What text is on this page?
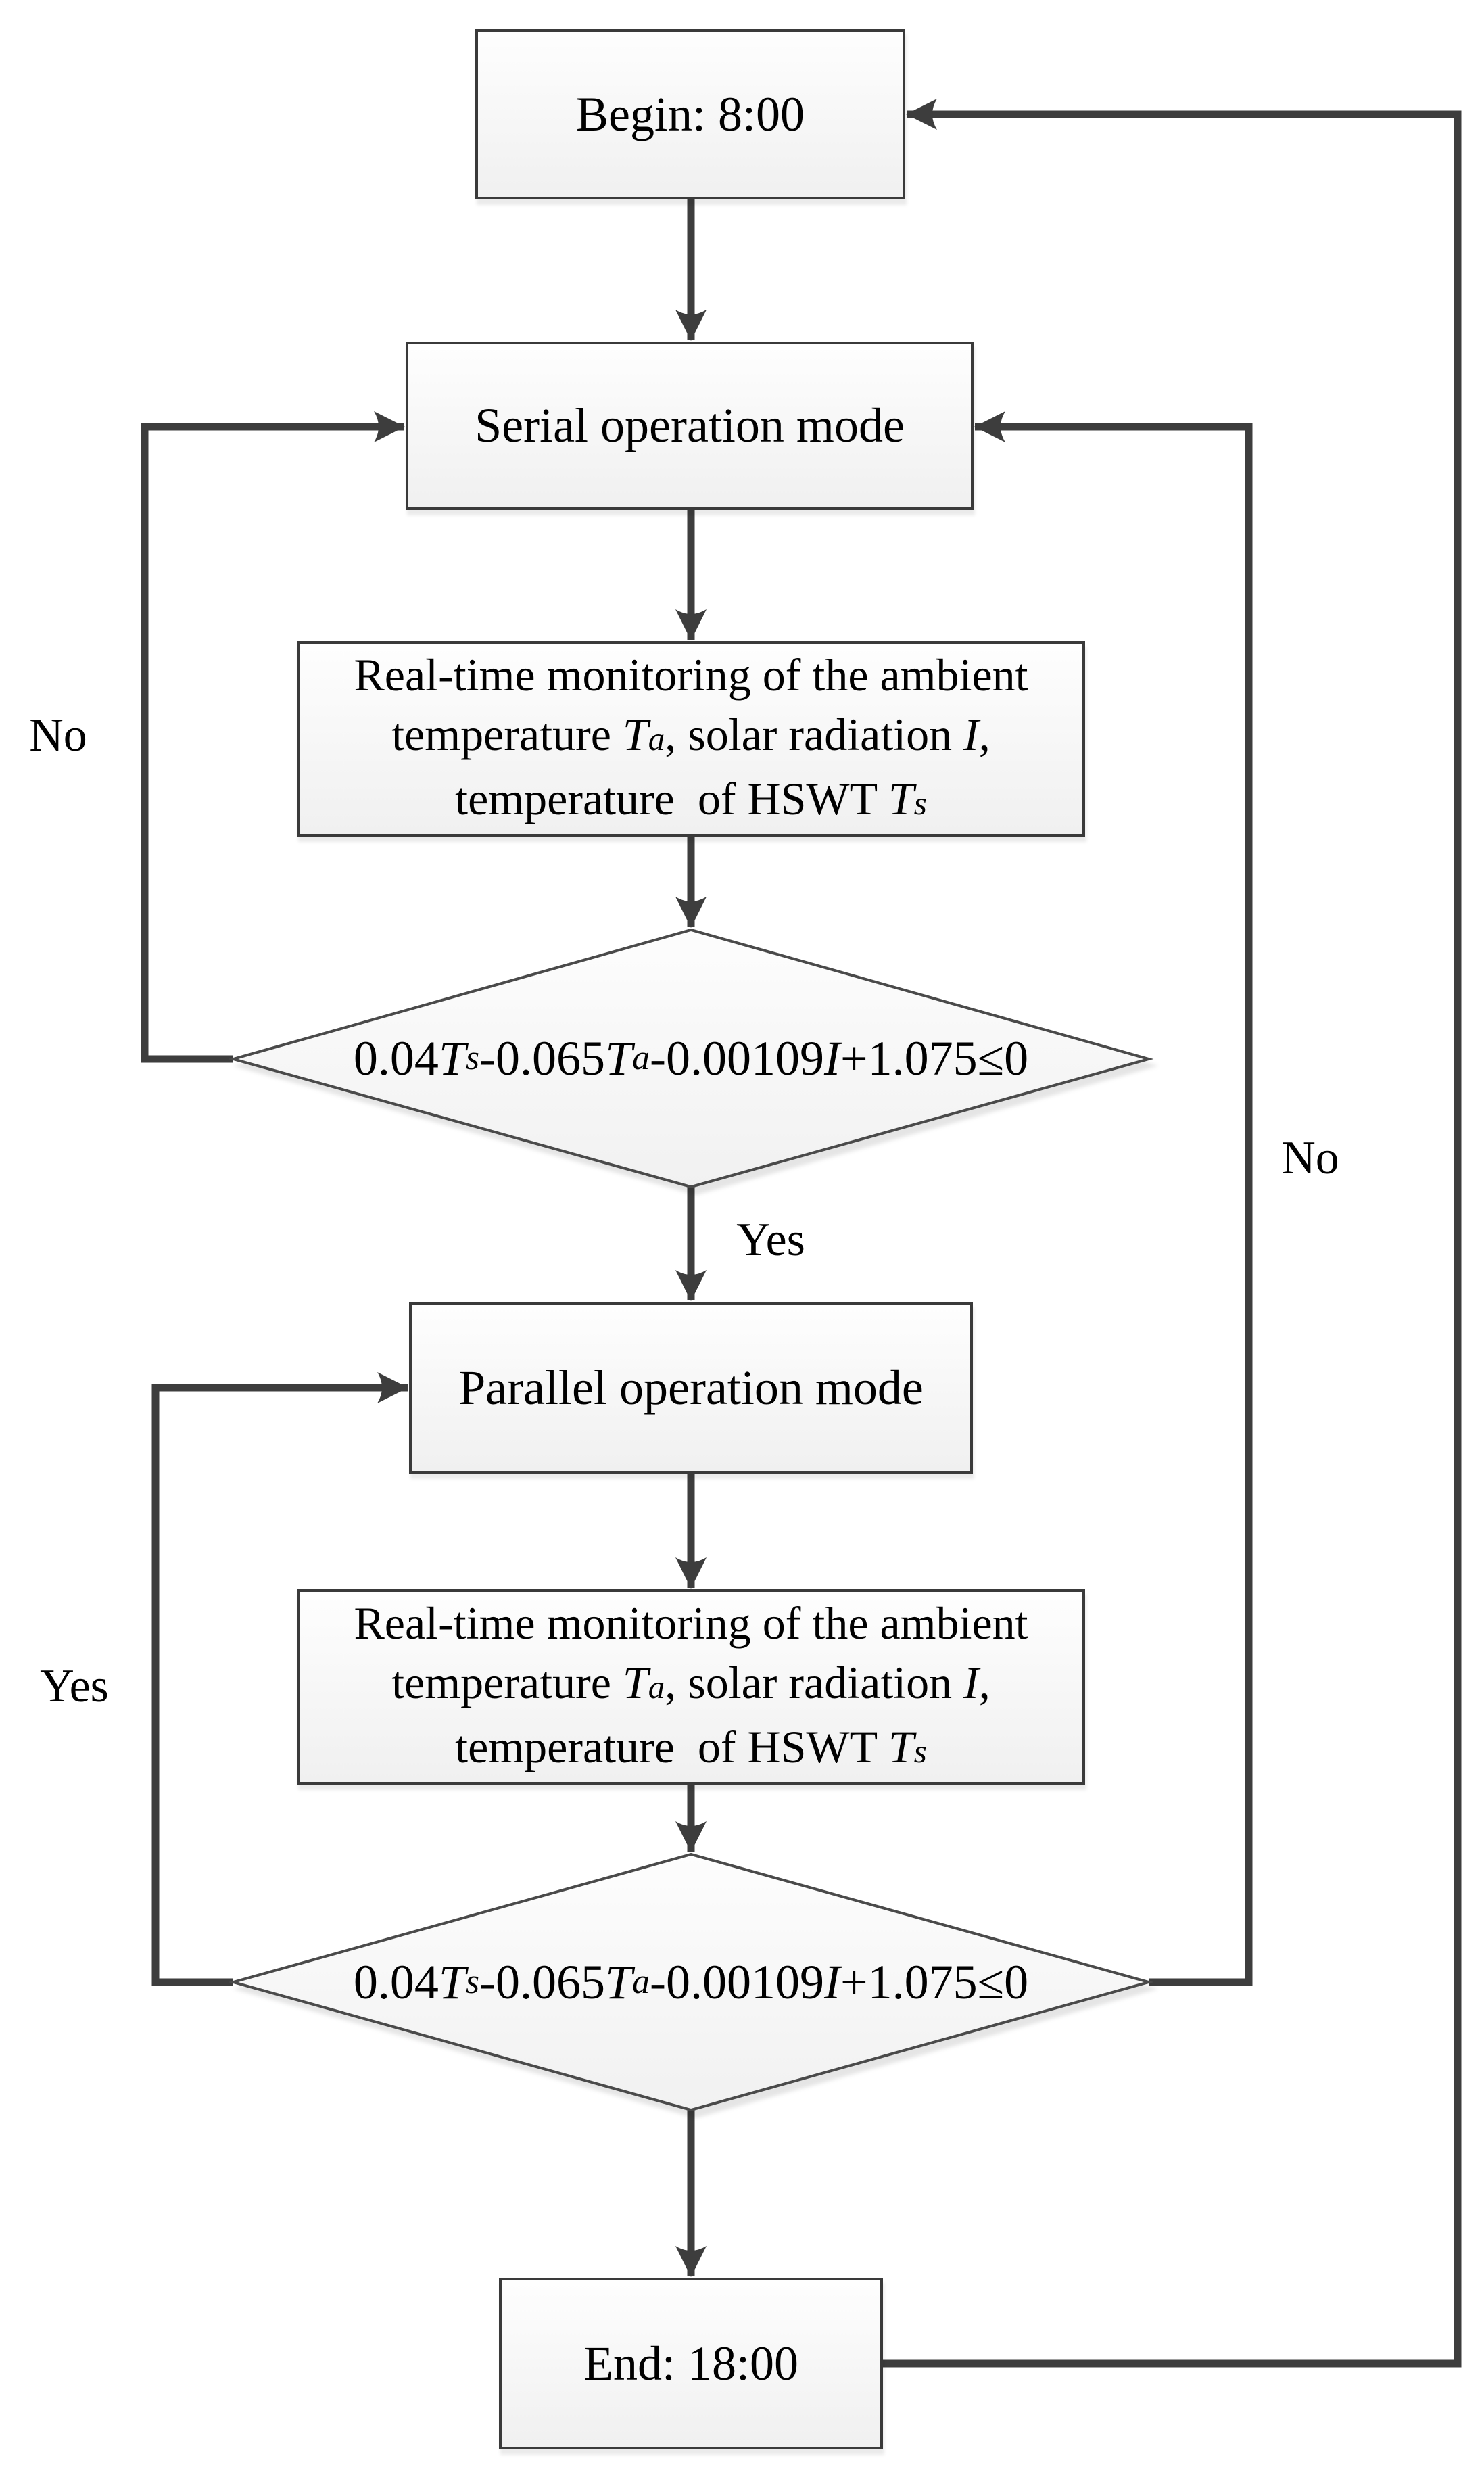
Begin: 8:00
Serial operation mode
Real-time monitoring of the ambient
temperature Ta, solar radiation I,
temperature  of HSWT Ts
0.04 T s -0.065 T a -0.00109 I +1.075≤0
Parallel operation mode
Real-time monitoring of the ambient
temperature Ta, solar radiation I,
temperature  of HSWT Ts
0.04 T s -0.065 T a -0.00109 I +1.075≤0
End: 18:00
No
Yes
Yes
No
